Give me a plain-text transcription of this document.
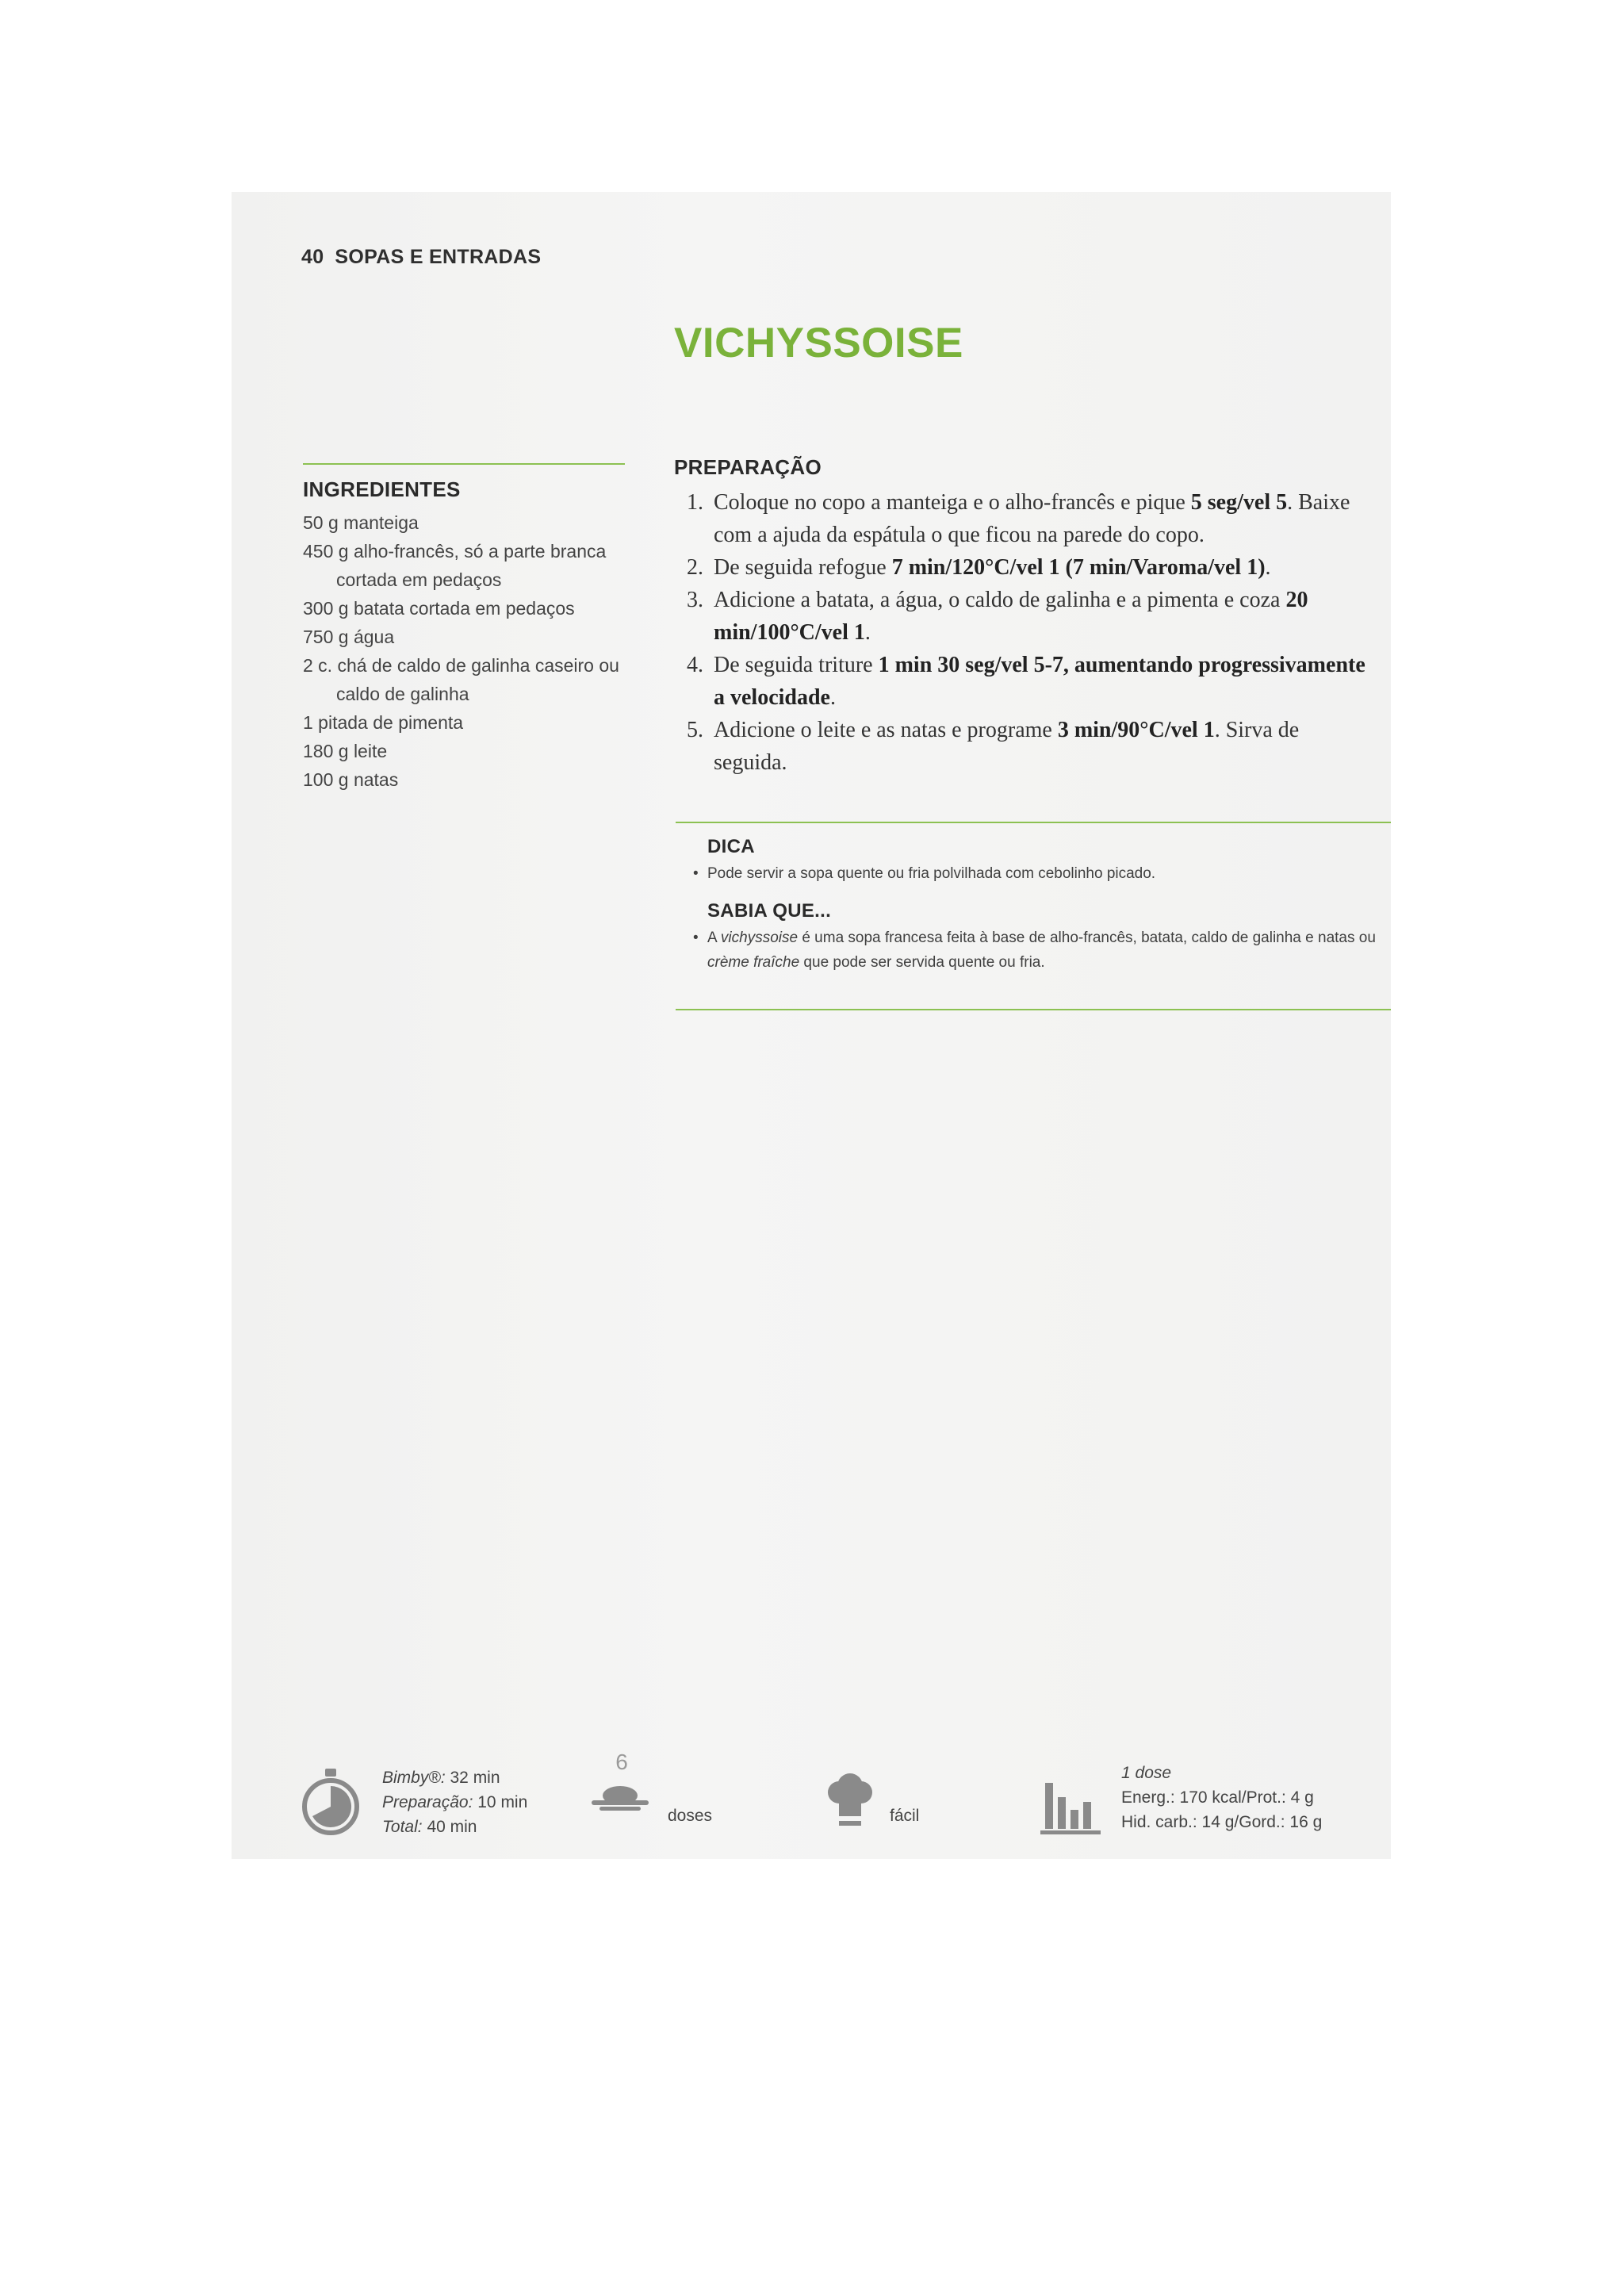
40 SOPAS E ENTRADAS
VICHYSSOISE
INGREDIENTES
50 g manteiga
450 g alho-francês, só a parte branca cortada em pedaços
300 g batata cortada em pedaços
750 g água
2 c. chá de caldo de galinha caseiro ou caldo de galinha
1 pitada de pimenta
180 g leite
100 g natas
PREPARAÇÃO
1. Coloque no copo a manteiga e o alho-francês e pique 5 seg/vel 5. Baixe com a ajuda da espátula o que ficou na parede do copo.
2. De seguida refogue 7 min/120°C/vel 1 (7 min/Varoma/vel 1).
3. Adicione a batata, a água, o caldo de galinha e a pimenta e coza 20 min/100°C/vel 1.
4. De seguida triture 1 min 30 seg/vel 5-7, aumentando progressivamente a velocidade.
5. Adicione o leite e as natas e programe 3 min/90°C/vel 1. Sirva de seguida.
DICA
• Pode servir a sopa quente ou fria polvilhada com cebolinho picado.
SABIA QUE...
• A vichyssoise é uma sopa francesa feita à base de alho-francês, batata, caldo de galinha e natas ou crème fraîche que pode ser servida quente ou fria.
Bimby®: 32 min
Preparação: 10 min
Total: 40 min
6
doses	fácil
1 dose
Energ.: 170 kcal/Prot.: 4 g
Hid. carb.: 14 g/Gord.: 16 g
